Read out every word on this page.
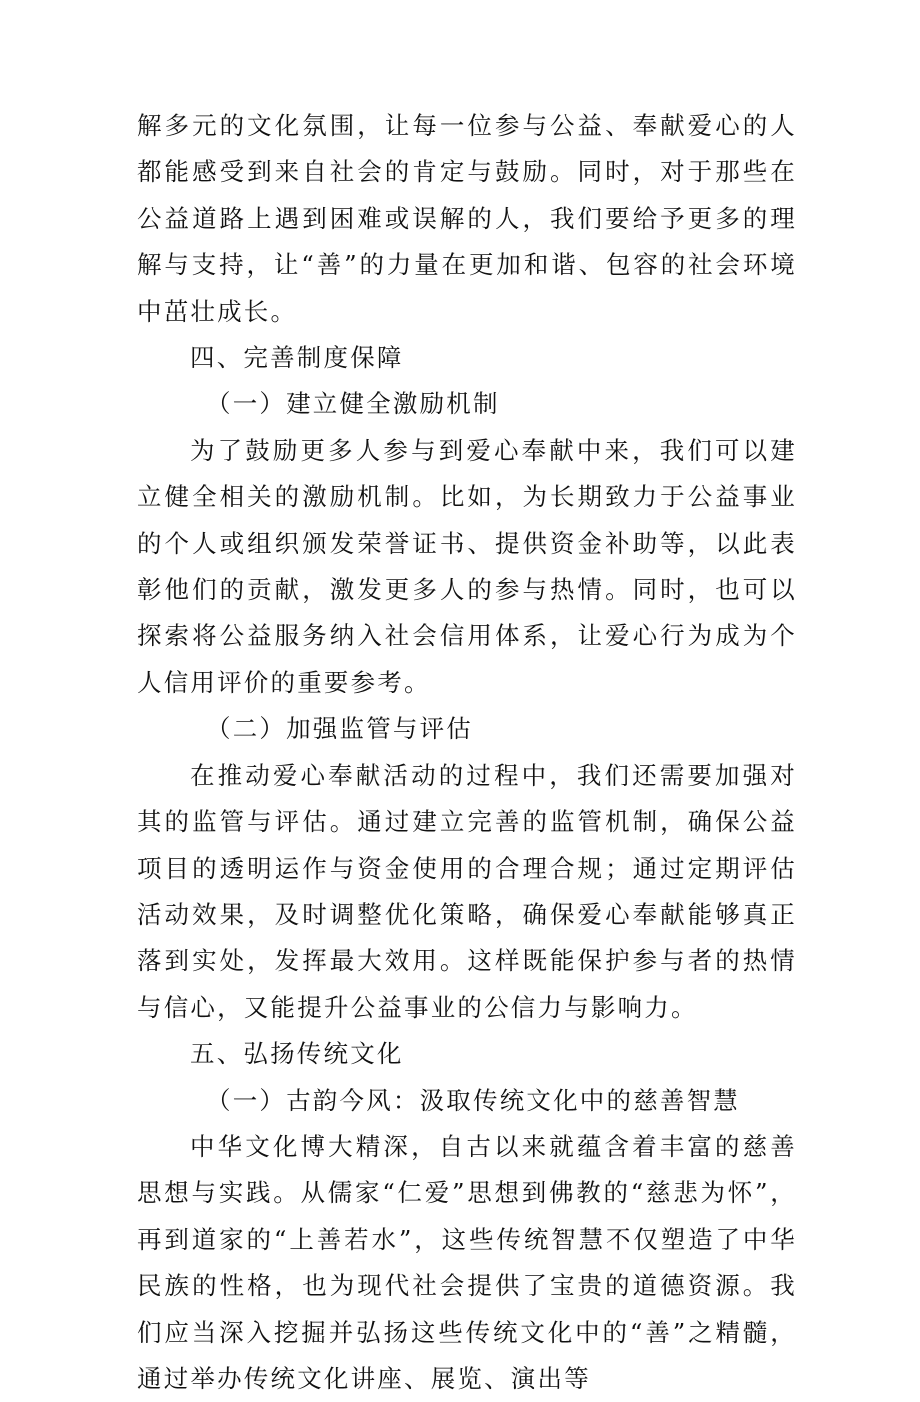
解多元的文化氛围，让每一位参与公益、奉献爱心的人都能感受到来自社会的肯定与鼓励。同时，对于那些在公益道路上遇到困难或误解的人，我们要给予更多的理解与支持，让“善”的力量在更加和谐、包容的社会环境中茁壮成长。

四、完善制度保障

（一）建立健全激励机制

为了鼓励更多人参与到爱心奉献中来，我们可以建立健全相关的激励机制。比如，为长期致力于公益事业的个人或组织颁发荣誉证书、提供资金补助等，以此表彰他们的贡献，激发更多人的参与热情。同时，也可以探索将公益服务纳入社会信用体系，让爱心行为成为个人信用评价的重要参考。

（二）加强监管与评估

在推动爱心奉献活动的过程中，我们还需要加强对其的监管与评估。通过建立完善的监管机制，确保公益项目的透明运作与资金使用的合理合规；通过定期评估活动效果，及时调整优化策略，确保爱心奉献能够真正落到实处，发挥最大效用。这样既能保护参与者的热情与信心，又能提升公益事业的公信力与影响力。

五、弘扬传统文化

（一）古韵今风：汲取传统文化中的慈善智慧

中华文化博大精深，自古以来就蕴含着丰富的慈善思想与实践。从儒家“仁爱”思想到佛教的“慈悲为怀”，再到道家的“上善若水”，这些传统智慧不仅塑造了中华民族的性格，也为现代社会提供了宝贵的道德资源。我们应当深入挖掘并弘扬这些传统文化中的“善”之精髓，通过举办传统文化讲座、展览、演出等
